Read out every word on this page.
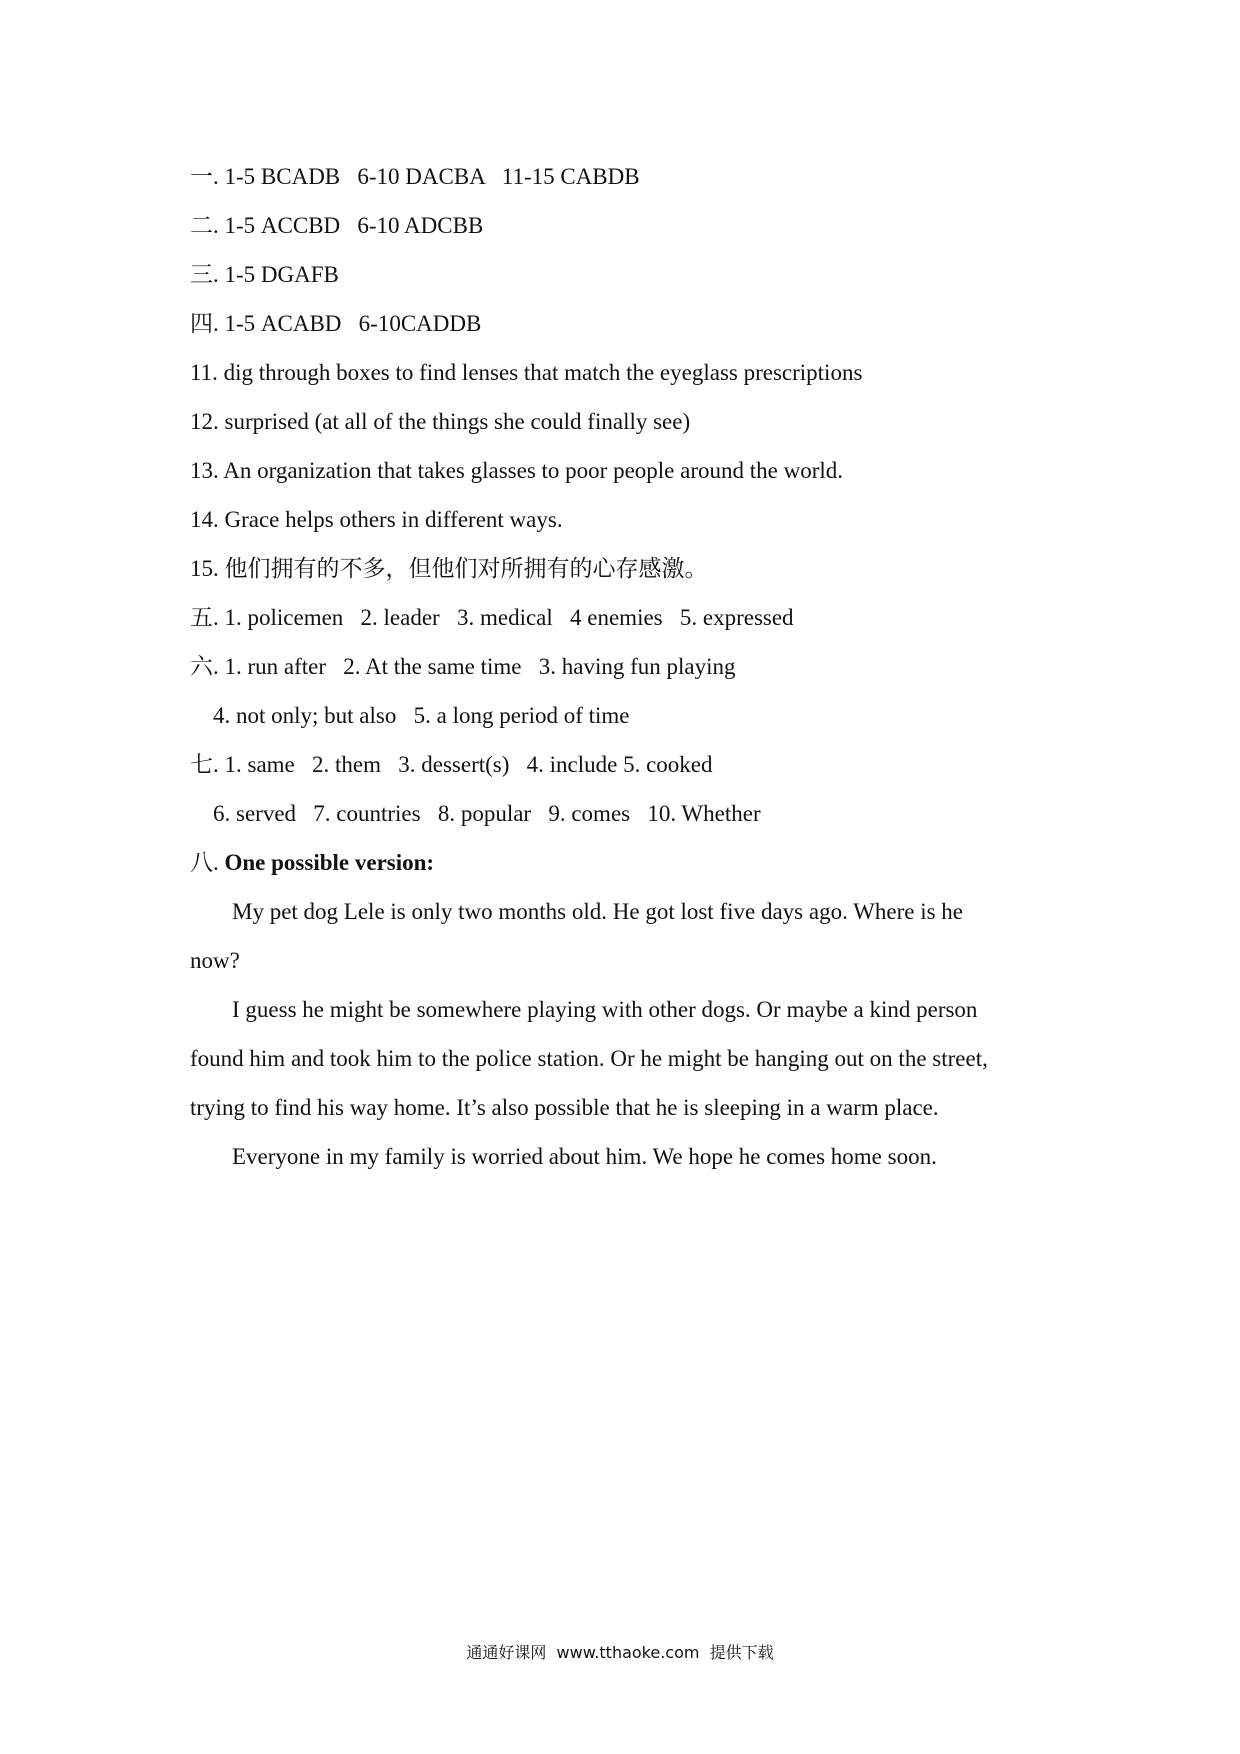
一. 1-5 BCADB   6-10 DACBA   11-15 CABDB
二. 1-5 ACCBD   6-10 ADCBB
三. 1-5 DGAFB
四. 1-5 ACABD   6-10CADDB
11. dig through boxes to find lenses that match the eyeglass prescriptions
12. surprised (at all of the things she could finally see)
13. An organization that takes glasses to poor people around the world.
14. Grace helps others in different ways.
15. 他们拥有的不多，但他们对所拥有的心存感激。
五. 1. policemen   2. leader   3. medical   4 enemies   5. expressed
六. 1. run after   2. At the same time   3. having fun playing
4. not only; but also   5. a long period of time
七. 1. same   2. them   3. dessert(s)   4. include 5. cooked
6. served   7. countries   8. popular   9. comes   10. Whether
八. One possible version:
My pet dog Lele is only two months old. He got lost five days ago. Where is he
now?
I guess he might be somewhere playing with other dogs. Or maybe a kind person
found him and took him to the police station. Or he might be hanging out on the street,
trying to find his way home. It’s also possible that he is sleeping in a warm place.
Everyone in my family is worried about him. We hope he comes home soon.
通通好课网  www.tthaoke.com  提供下载
